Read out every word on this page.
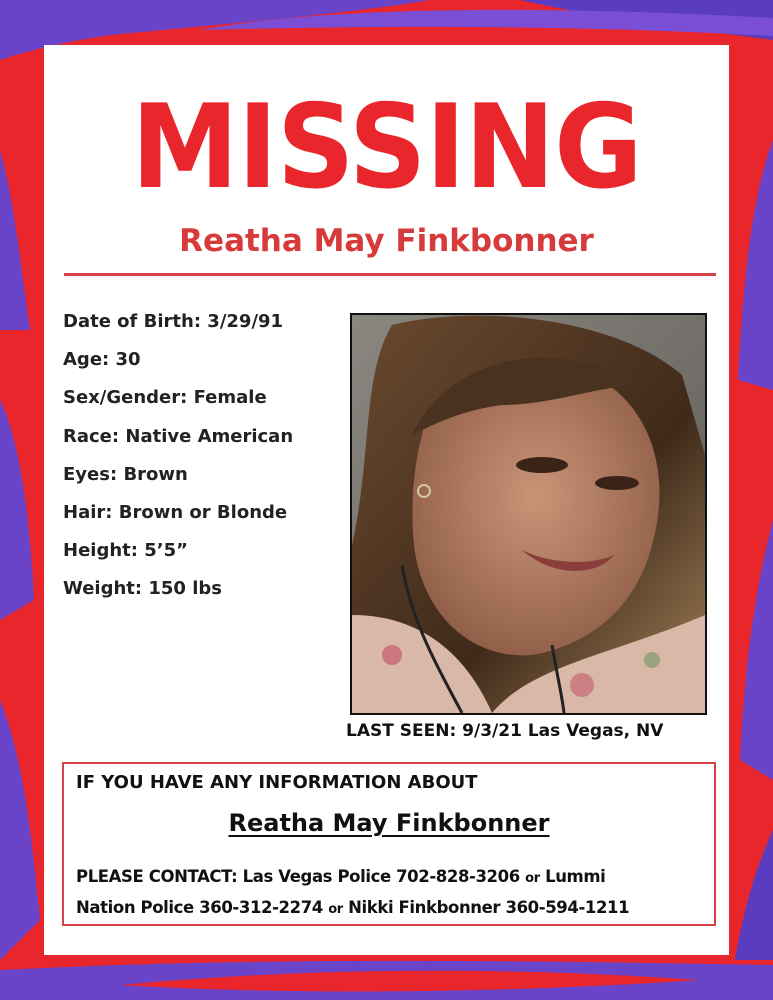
MISSING
Reatha May Finkbonner
Date of Birth: 3/29/91
Age: 30
Sex/Gender: Female
Race: Native American
Eyes: Brown
Hair: Brown or Blonde
Height: 5’5”
Weight: 150 lbs
LAST SEEN: 9/3/21 Las Vegas, NV
IF YOU HAVE ANY INFORMATION ABOUT
Reatha May Finkbonner
PLEASE CONTACT: Las Vegas Police 702-828-3206 or Lummi
Nation Police 360-312-2274 or Nikki Finkbonner 360-594-1211
